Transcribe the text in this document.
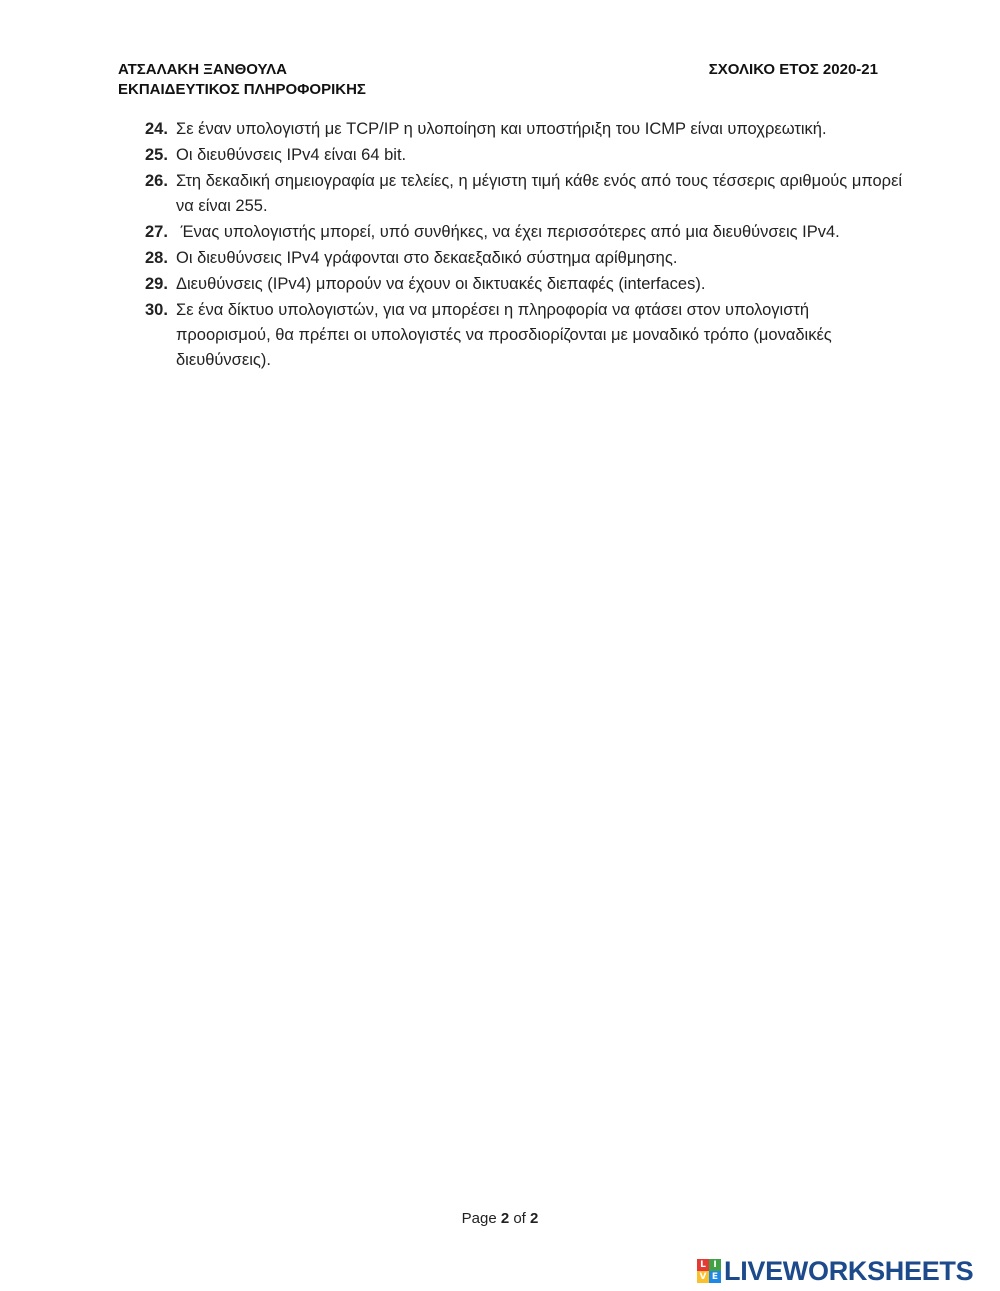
ΑΤΣΑΛΑΚΗ ΞΑΝΘΟΥΛΑ
ΕΚΠΑΙΔΕΥΤΙΚΟΣ ΠΛΗΡΟΦΟΡΙΚΗΣ
ΣΧΟΛΙΚΟ ΕΤΟΣ 2020-21
24. Σε έναν υπολογιστή με TCP/IP η υλοποίηση και υποστήριξη του ICMP είναι υποχρεωτική.
25. Οι διευθύνσεις IPv4 είναι 64 bit.
26. Στη δεκαδική σημειογραφία με τελείες, η μέγιστη τιμή κάθε ενός από τους τέσσερις αριθμούς μπορεί να είναι 255.
27. Ένας υπολογιστής μπορεί, υπό συνθήκες, να έχει περισσότερες από μια διευθύνσεις IPv4.
28. Οι διευθύνσεις IPv4 γράφονται στο δεκαεξαδικό σύστημα αρίθμησης.
29. Διευθύνσεις (IPv4) μπορούν να έχουν οι δικτυακές διεπαφές (interfaces).
30. Σε ένα δίκτυο υπολογιστών, για να μπορέσει η πληροφορία να φτάσει στον υπολογιστή προορισμού, θα πρέπει οι υπολογιστές να προσδιορίζονται με μοναδικό τρόπο (μοναδικές διευθύνσεις).
Page 2 of 2
L I
V E LIVEWORKSHEETS
